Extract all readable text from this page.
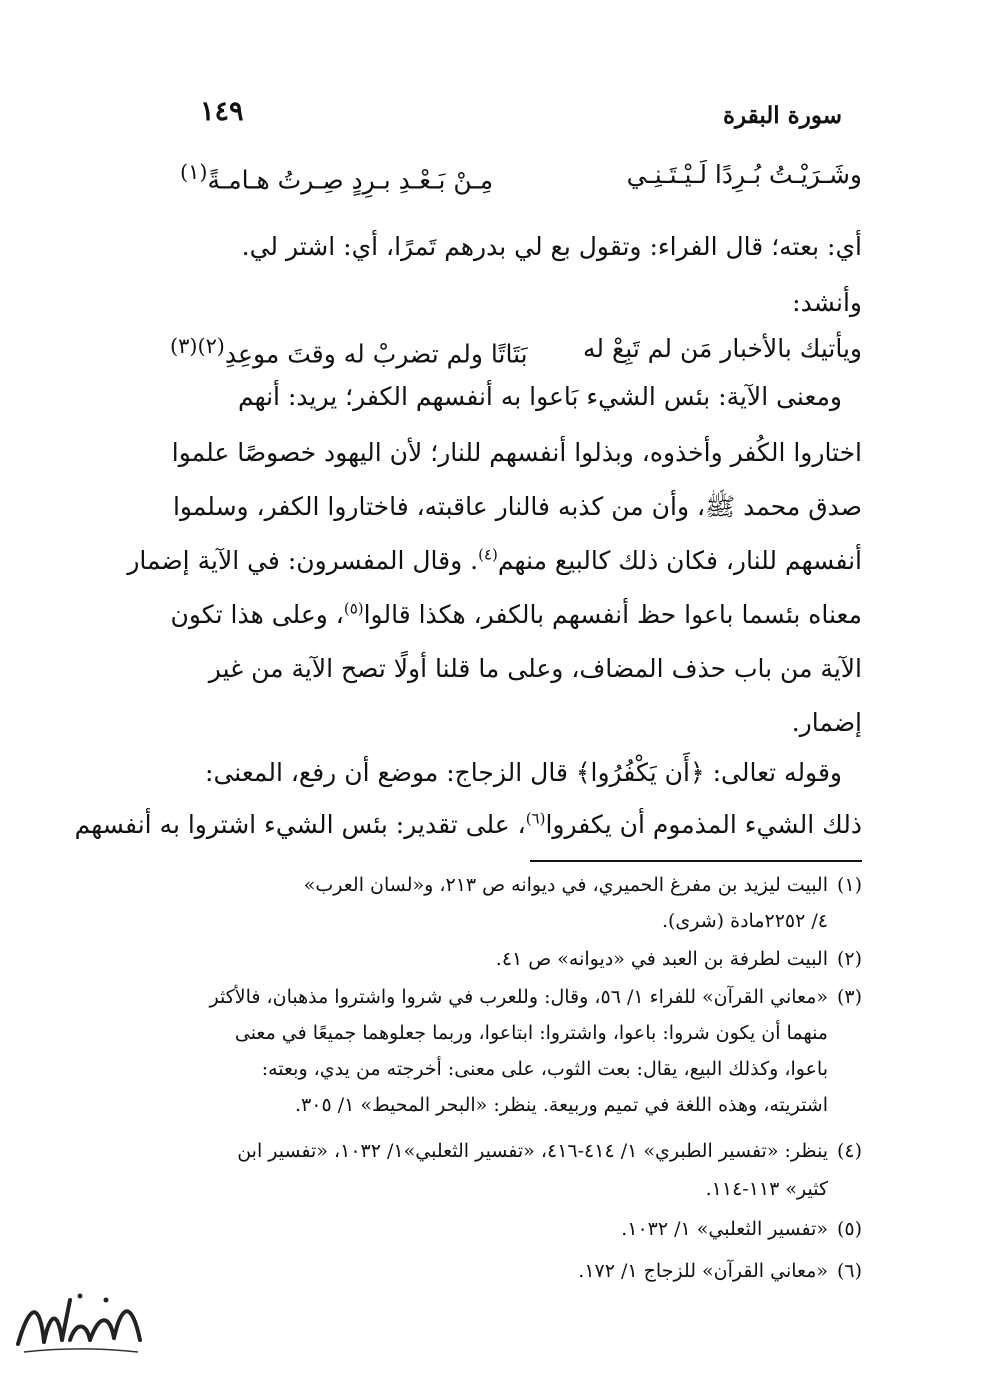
سورة البقرة
١٤٩
وشَـرَيْـتُ بُـرِدًا لَـيْـتَـنِـي
مِـنْ بَـعْـدِ بـرِدٍ صِـرتُ هـامـةً$^{(١)}$
أي: بعته؛ قال الفراء: وتقول بع لي بدرهم تَمرًا، أي: اشتر لي.
وأنشد:
ويأتيك بالأخبار مَن لم تَبِعْ له
بَتَاتًا ولم تضربْ له وقتَ موعِدِ$^{(٢)(٣)}$
ومعنى الآية: بئس الشيء بَاعوا به أنفسهم الكفر؛ يريد: أنهم
اختاروا الكُفر وأخذوه، وبذلوا أنفسهم للنار؛ لأن اليهود خصوصًا علموا
صدق محمد ﷺ، وأن من كذبه فالنار عاقبته، فاختاروا الكفر، وسلموا
أنفسهم للنار، فكان ذلك كالبيع منهم$^{(٤)}$. وقال المفسرون: في الآية إضمار
معناه بئسما باعوا حظ أنفسهم بالكفر، هكذا قالوا$^{(٥)}$، وعلى هذا تكون
الآية من باب حذف المضاف، وعلى ما قلنا أولًا تصح الآية من غير
إضمار.
وقوله تعالى: ﴿أَن يَكْفُرُوا﴾ قال الزجاج: موضع أن رفع، المعنى:
ذلك الشيء المذموم أن يكفروا$^{(٦)}$، على تقدير: بئس الشيء اشتروا به أنفسهم
(١)
البيت ليزيد بن مفرغ الحميري، في ديوانه ص ٢١٣، و«لسان العرب»
٤/ ٢٢٥٢مادة (شرى).
(٢)
البيت لطرفة بن العبد في «ديوانه» ص ٤١.
(٣)
«معاني القرآن» للفراء ١/ ٥٦، وقال: وللعرب في شروا واشتروا مذهبان، فالأكثر
منهما أن يكون شروا: باعوا، واشتروا: ابتاعوا، وربما جعلوهما جميعًا في معنى
باعوا، وكذلك البيع، يقال: بعت الثوب، على معنى: أخرجته من يدي، وبعته:
اشتريته، وهذه اللغة في تميم وربيعة. ينظر: «البحر المحيط» ١/ ٣٠٥.
(٤)
ينظر: «تفسير الطبري» ١/ ٤١٤-٤١٦، «تفسير الثعلبي»١/ ١٠٣٢، «تفسير ابن
كثير» ١١٣-١١٤.
(٥)
«تفسير الثعلبي» ١/ ١٠٣٢.
(٦)
«معاني القرآن» للزجاج ١/ ١٧٢.
